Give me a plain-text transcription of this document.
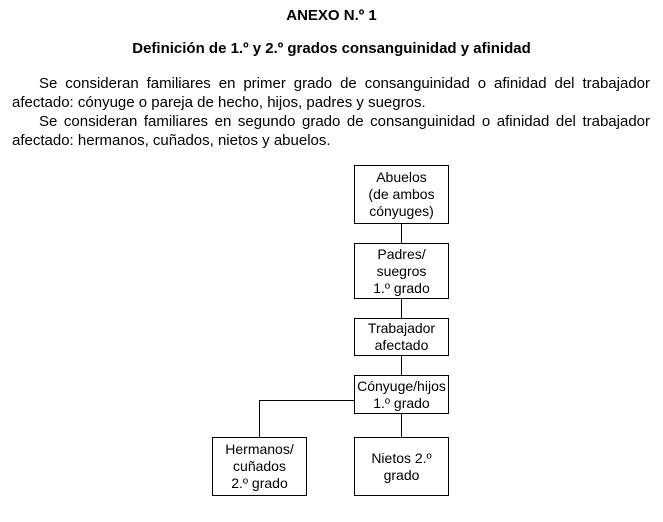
ANEXO N.º 1
Definición de 1.º y 2.º grados consanguinidad y afinidad

Se consideran familiares en primer grado de consanguinidad o afinidad del trabajador afectado: cónyuge o pareja de hecho, hijos, padres y suegros.

Se consideran familiares en segundo grado de consanguinidad o afinidad del trabajador afectado: hermanos, cuñados, nietos y abuelos.

Abuelos
(de ambos
cónyuges)
Padres/
suegros
1.º grado
Trabajador
afectado
Cónyuge/hijos
1.º grado
Hermanos/
cuñados
2.º grado
Nietos 2.º
grado
